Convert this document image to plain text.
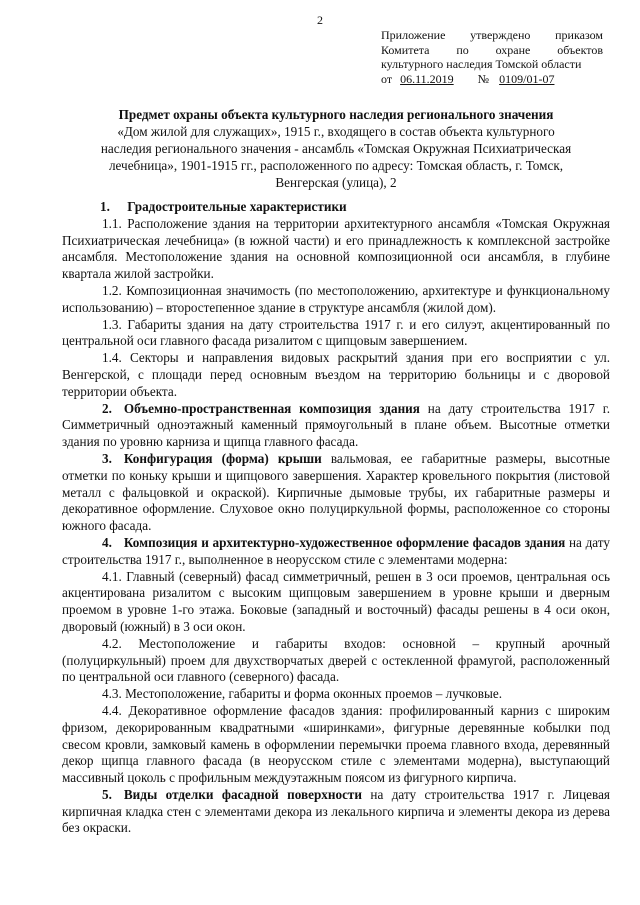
2
Приложение утверждено приказом
Комитета по охране объектов
культурного наследия Томской области
от 06.11.2019	№ 0109/01-07
Предмет охраны объекта культурного наследия регионального значения
«Дом жилой для служащих», 1915 г., входящего в состав объекта культурного
наследия регионального значения - ансамбль «Томская Окружная Психиатрическая
лечебница», 1901-1915 гг., расположенного по адресу: Томская область, г. Томск,
Венгерская (улица), 2
1. Градостроительные характеристики

1.1. Расположение здания на территории архитектурного ансамбля «Томская Окружная Психиатрическая лечебница» (в южной части) и его принадлежность к комплексной застройке ансамбля. Местоположение здания на основной композиционной оси ансамбля, в глубине квартала жилой застройки.

1.2. Композиционная значимость (по местоположению, архитектуре и функциональному использованию) – второстепенное здание в структуре ансамбля (жилой дом).

1.3. Габариты здания на дату строительства 1917 г. и его силуэт, акцентированный по центральной оси главного фасада ризалитом с щипцовым завершением.

1.4. Секторы и направления видовых раскрытий здания при его восприятии с ул. Венгерской, с площади перед основным въездом на территорию больницы и с дворовой территории объекта.

2. Объемно-пространственная композиция здания на дату строительства 1917 г. Симметричный одноэтажный каменный прямоугольный в плане объем. Высотные отметки здания по уровню карниза и щипца главного фасада.

3. Конфигурация (форма) крыши вальмовая, ее габаритные размеры, высотные отметки по коньку крыши и щипцового завершения. Характер кровельного покрытия (листовой металл с фальцовкой и окраской). Кирпичные дымовые трубы, их габаритные размеры и декоративное оформление. Слуховое окно полуциркульной формы, расположенное со стороны южного фасада.

4. Композиция и архитектурно-художественное оформление фасадов здания на дату строительства 1917 г., выполненное в неорусском стиле с элементами модерна:

4.1. Главный (северный) фасад симметричный, решен в 3 оси проемов, центральная ось акцентирована ризалитом с высоким щипцовым завершением в уровне крыши и дверным проемом в уровне 1-го этажа. Боковые (западный и восточный) фасады решены в 4 оси окон, дворовый (южный) в 3 оси окон.

4.2. Местоположение и габариты входов: основной – крупный арочный (полуциркульный) проем для двухстворчатых дверей с остекленной фрамугой, расположенный по центральной оси главного (северного) фасада.

4.3. Местоположение, габариты и форма оконных проемов – лучковые.

4.4. Декоративное оформление фасадов здания: профилированный карниз с широким фризом, декорированным квадратными «ширинками», фигурные деревянные кобылки под свесом кровли, замковый камень в оформлении перемычки проема главного входа, деревянный декор щипца главного фасада (в неорусском стиле с элементами модерна), выступающий массивный цоколь с профильным междуэтажным поясом из фигурного кирпича.

5. Виды отделки фасадной поверхности на дату строительства 1917 г. Лицевая кирпичная кладка стен с элементами декора из лекального кирпича и элементы декора из дерева без окраски.
